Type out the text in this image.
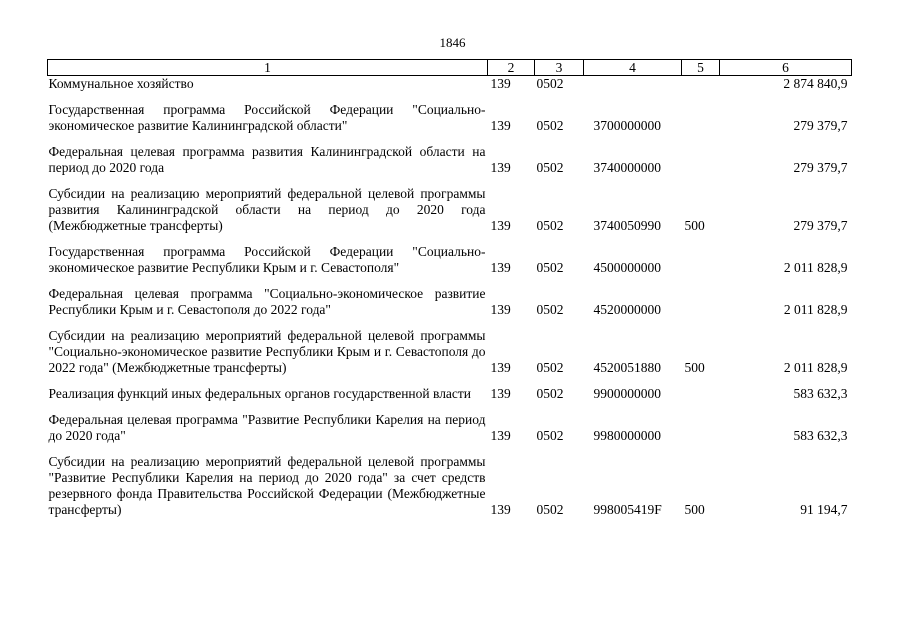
1846
1	2	3	4	5	6
Коммунальное хозяйство	139	0502			2 874 840,9

Государственная программа Российской Федерации "Социально-экономическое развитие Калининградской области"	139	0502	3700000000		279 379,7

Федеральная целевая программа развития Калининградской области на период до 2020 года	139	0502	3740000000		279 379,7

Субсидии на реализацию мероприятий федеральной целевой программы развития Калининградской области на период до 2020 года (Межбюджетные трансферты)	139	0502	3740050990	500	279 379,7

Государственная программа Российской Федерации "Социально-экономическое развитие Республики Крым и г. Севастополя"	139	0502	4500000000		2 011 828,9

Федеральная целевая программа "Социально-экономическое развитие Республики Крым и г. Севастополя до 2022 года"	139	0502	4520000000		2 011 828,9

Субсидии на реализацию мероприятий федеральной целевой программы "Социально-экономическое развитие Республики Крым и г. Севастополя до 2022 года" (Межбюджетные трансферты)	139	0502	4520051880	500	2 011 828,9

Реализация функций иных федеральных органов государственной власти	139	0502	9900000000		583 632,3

Федеральная целевая программа "Развитие Республики Карелия на период до 2020 года"	139	0502	9980000000		583 632,3

Субсидии на реализацию мероприятий федеральной целевой программы "Развитие Республики Карелия на период до 2020 года" за счет средств резервного фонда Правительства Российской Федерации (Межбюджетные трансферты)	139	0502	998005419F	500	91 194,7
